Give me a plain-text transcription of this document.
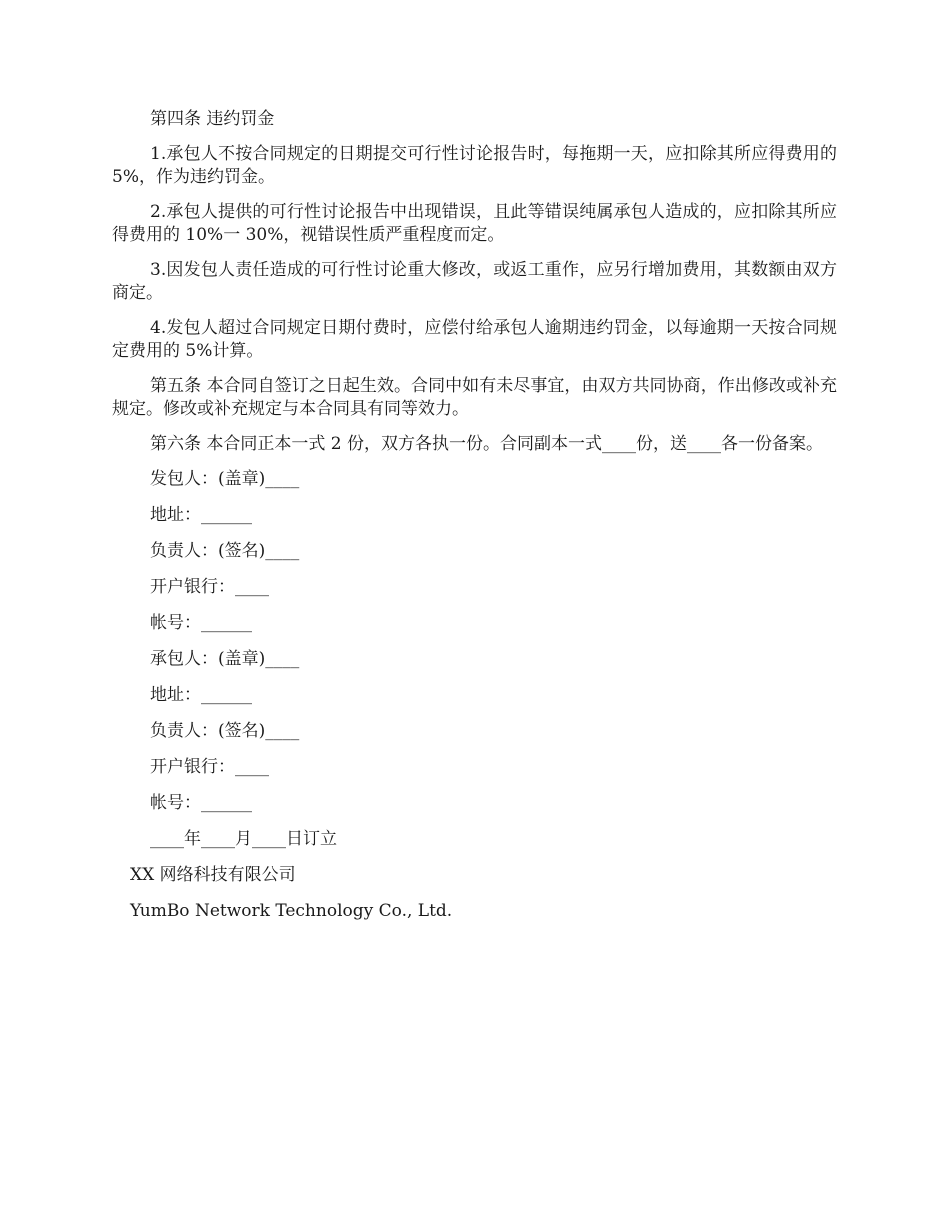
第四条 违约罚金

1.承包人不按合同规定的日期提交可行性讨论报告时，每拖期一天，应扣除其所应得费用的 5%，作为违约罚金。

2.承包人提供的可行性讨论报告中出现错误，且此等错误纯属承包人造成的，应扣除其所应得费用的 10%一 30%，视错误性质严重程度而定。

3.因发包人责任造成的可行性讨论重大修改，或返工重作，应另行增加费用，其数额由双方商定。

4.发包人超过合同规定日期付费时，应偿付给承包人逾期违约罚金，以每逾期一天按合同规定费用的 5%计算。

第五条 本合同自签订之日起生效。合同中如有未尽事宜，由双方共同协商，作出修改或补充规定。修改或补充规定与本合同具有同等效力。

第六条 本合同正本一式 2 份，双方各执一份。合同副本一式____份，送____各一份备案。

发包人：(盖章)____

地址：______

负责人：(签名)____

开户银行：____

帐号：______

承包人：(盖章)____

地址：______

负责人：(签名)____

开户银行：____

帐号：______

____年____月____日订立

XX 网络科技有限公司

YumBo Network Technology Co., Ltd.
